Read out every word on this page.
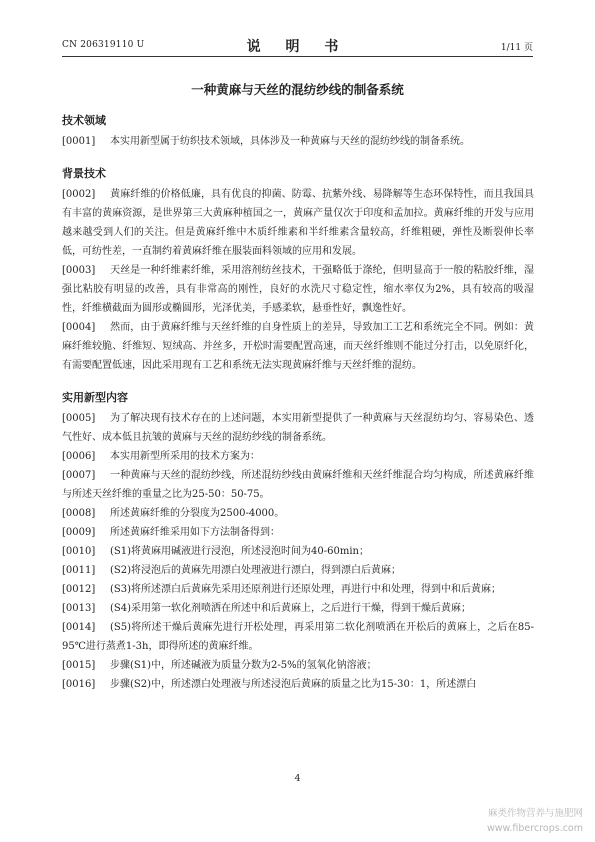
CN 206319110 U	说 明 书	1/11 页
一种黄麻与天丝的混纺纱线的制备系统
技术领域
[0001] 本实用新型属于纺织技术领域，具体涉及一种黄麻与天丝的混纺纱线的制备系统。
背景技术
[0002] 黄麻纤维的价格低廉，具有优良的抑菌、防霉、抗紫外线、易降解等生态环保特性，而且我国具有丰富的黄麻资源，是世界第三大黄麻种植国之一，黄麻产量仅次于印度和孟加拉。黄麻纤维的开发与应用越来越受到人们的关注。但是黄麻纤维中木质纤维素和半纤维素含量较高，纤维粗硬，弹性及断裂伸长率低，可纺性差，一直制约着黄麻纤维在服装面料领域的应用和发展。
[0003] 天丝是一种纤维素纤维，采用溶剂纺丝技术，干强略低于涤纶，但明显高于一般的粘胶纤维，湿强比粘胶有明显的改善，具有非常高的刚性，良好的水洗尺寸稳定性，缩水率仅为2%，具有较高的吸湿性，纤维横截面为圆形或椭圆形，光泽优美，手感柔软，悬垂性好，飘逸性好。
[0004] 然而，由于黄麻纤维与天丝纤维的自身性质上的差异，导致加工工艺和系统完全不同。例如：黄麻纤维较脆、纤维短、短绒高、并丝多，开松时需要配置高速，而天丝纤维则不能过分打击，以免原纤化，有需要配置低速，因此采用现有工艺和系统无法实现黄麻纤维与天丝纤维的混纺。
实用新型内容
[0005] 为了解决现有技术存在的上述问题，本实用新型提供了一种黄麻与天丝混纺均匀、容易染色、透气性好、成本低且抗皱的黄麻与天丝的混纺纱线的制备系统。
[0006] 本实用新型所采用的技术方案为：
[0007] 一种黄麻与天丝的混纺纱线，所述混纺纱线由黄麻纤维和天丝纤维混合均匀构成，所述黄麻纤维与所述天丝纤维的重量之比为25-50：50-75。
[0008] 所述黄麻纤维的分裂度为2500-4000。
[0009] 所述黄麻纤维采用如下方法制备得到：
[0010] (S1)将黄麻用碱液进行浸泡，所述浸泡时间为40-60min；
[0011] (S2)将浸泡后的黄麻先用漂白处理液进行漂白，得到漂白后黄麻；
[0012] (S3)将所述漂白后黄麻先采用还原剂进行还原处理，再进行中和处理，得到中和后黄麻；
[0013] (S4)采用第一软化剂喷洒在所述中和后黄麻上，之后进行干燥，得到干燥后黄麻；
[0014] (S5)将所述干燥后黄麻先进行开松处理，再采用第二软化剂喷洒在开松后的黄麻上，之后在85-95℃进行蒸煮1-3h，即得所述的黄麻纤维。
[0015] 步骤(S1)中，所述碱液为质量分数为2-5%的氢氧化钠溶液；
[0016] 步骤(S2)中，所述漂白处理液与所述浸泡后黄麻的质量之比为15-30：1，所述漂白
4
麻类作物营养与施肥网
www.fibercrops.com
